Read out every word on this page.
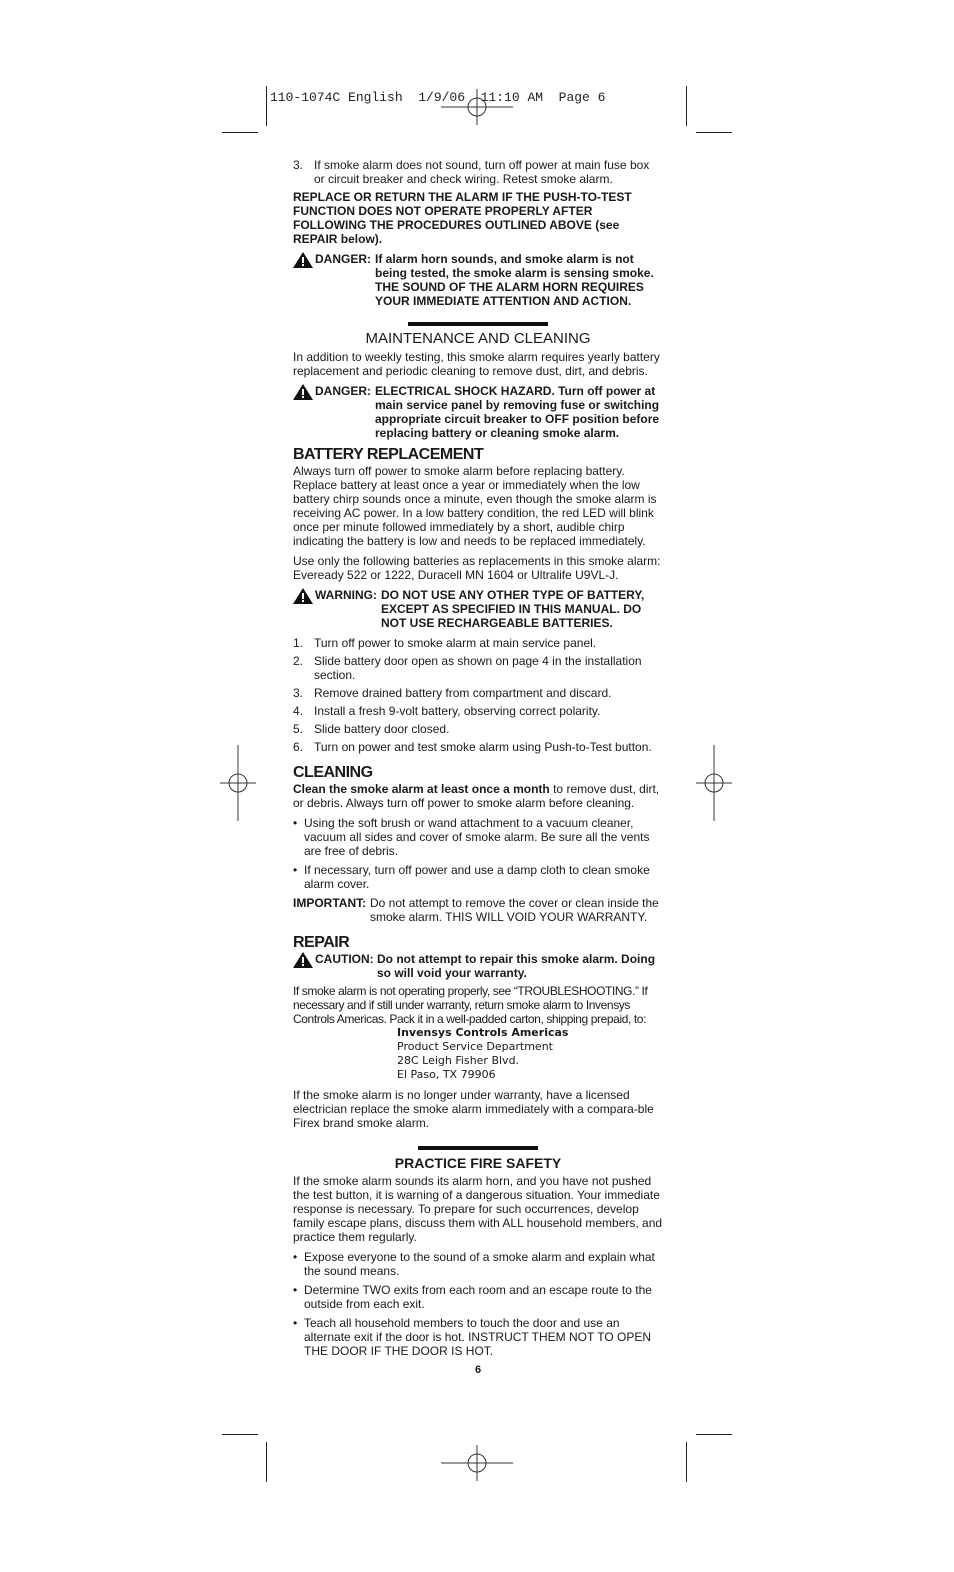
110-1074C English  1/9/06  11:10 AM  Page 6
3. If smoke alarm does not sound, turn off power at main fuse box or circuit breaker and check wiring. Retest smoke alarm.

REPLACE OR RETURN THE ALARM IF THE PUSH-TO-TEST FUNCTION DOES NOT OPERATE PROPERLY AFTER FOLLOWING THE PROCEDURES OUTLINED ABOVE (see REPAIR below).

DANGER: If alarm horn sounds, and smoke alarm is not being tested, the smoke alarm is sensing smoke. THE SOUND OF THE ALARM HORN REQUIRES YOUR IMMEDIATE ATTENTION AND ACTION.
MAINTENANCE AND CLEANING

In addition to weekly testing, this smoke alarm requires yearly battery replacement and periodic cleaning to remove dust, dirt, and debris.

DANGER: ELECTRICAL SHOCK HAZARD. Turn off power at main service panel by removing fuse or switching appropriate circuit breaker to OFF position before replacing battery or cleaning smoke alarm.
BATTERY REPLACEMENT

Always turn off power to smoke alarm before replacing battery. Replace battery at least once a year or immediately when the low battery chirp sounds once a minute, even though the smoke alarm is receiving AC power. In a low battery condition, the red LED will blink once per minute followed immediately by a short, audible chirp indicating the battery is low and needs to be replaced immediately.

Use only the following batteries as replacements in this smoke alarm: Eveready 522 or 1222, Duracell MN 1604 or Ultralife U9VL-J.

WARNING: DO NOT USE ANY OTHER TYPE OF BATTERY, EXCEPT AS SPECIFIED IN THIS MANUAL. DO NOT USE RECHARGEABLE BATTERIES.
1. Turn off power to smoke alarm at main service panel.
2. Slide battery door open as shown on page 4 in the installation section.
3. Remove drained battery from compartment and discard.
4. Install a fresh 9-volt battery, observing correct polarity.
5. Slide battery door closed.
6. Turn on power and test smoke alarm using Push-to-Test button.
CLEANING

Clean the smoke alarm at least once a month to remove dust, dirt, or debris. Always turn off power to smoke alarm before cleaning.

• Using the soft brush or wand attachment to a vacuum cleaner, vacuum all sides and cover of smoke alarm. Be sure all the vents are free of debris.
• If necessary, turn off power and use a damp cloth to clean smoke alarm cover.

IMPORTANT: Do not attempt to remove the cover or clean inside the smoke alarm. THIS WILL VOID YOUR WARRANTY.

REPAIR
CAUTION: Do not attempt to repair this smoke alarm. Doing so will void your warranty.

If smoke alarm is not operating properly, see “TROUBLESHOOTING.” If necessary and if still under warranty, return smoke alarm to Invensys Controls Americas. Pack it in a well-padded carton, shipping prepaid, to:

Invensys Controls Americas
Product Service Department
28C Leigh Fisher Blvd.
El Paso, TX 79906

If the smoke alarm is no longer under warranty, have a licensed electrician replace the smoke alarm immediately with a compara-ble Firex brand smoke alarm.

PRACTICE FIRE SAFETY

If the smoke alarm sounds its alarm horn, and you have not pushed the test button, it is warning of a dangerous situation. Your immediate response is necessary. To prepare for such occurrences, develop family escape plans, discuss them with ALL household members, and practice them regularly.

• Expose everyone to the sound of a smoke alarm and explain what the sound means.
• Determine TWO exits from each room and an escape route to the outside from each exit.
• Teach all household members to touch the door and use an alternate exit if the door is hot. INSTRUCT THEM NOT TO OPEN THE DOOR IF THE DOOR IS HOT.
6
